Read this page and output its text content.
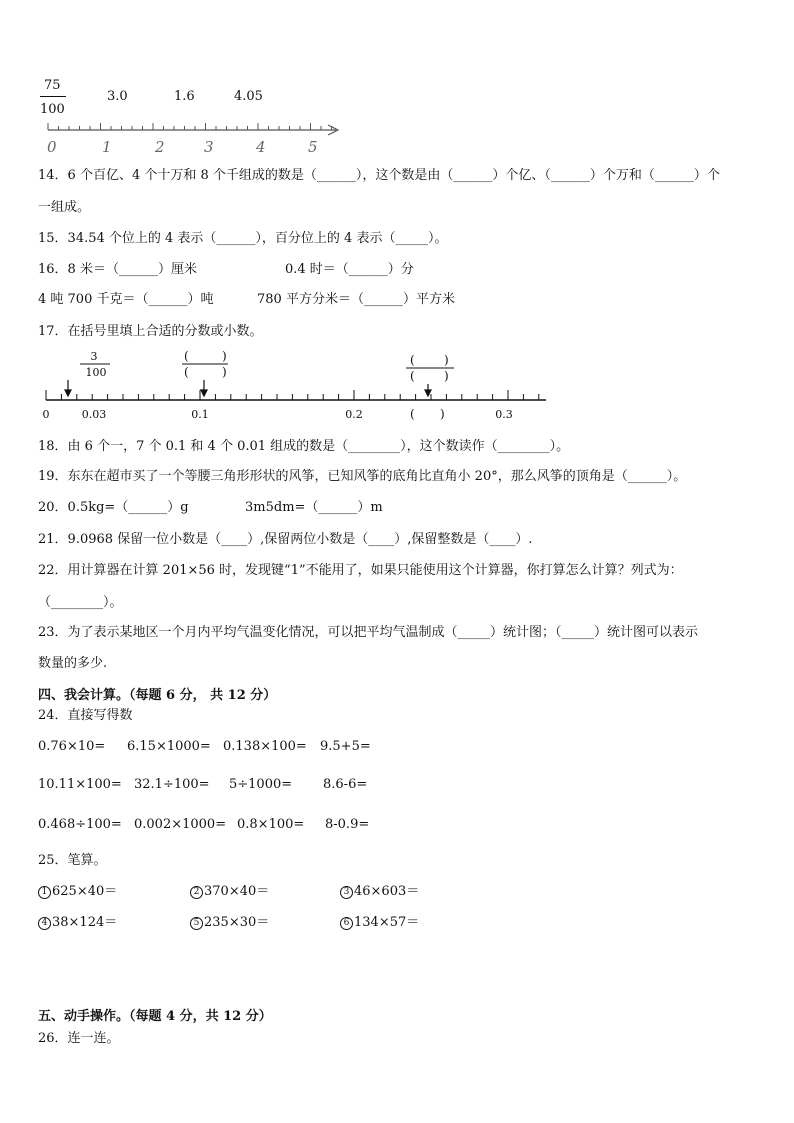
75
100
3.0	1.6	4.05
0	1	2	3	4	5
14．6 个百亿、4 个十万和 8 个千组成的数是（______），这个数是由（______）个亿、（______）个万和（______）个
一组成。
15．34.54 个位上的 4 表示（______），百分位上的 4 表示（_____）。
16．8 米＝（______）厘米	0.4 时＝（______）分
4 吨 700 千克＝（______）吨	780 平方分米＝（______）平方米
17．在括号里填上合适的分数或小数。
3
100
(	)
(	)
( )
( )
0	0.03	0.1	0.2	( )	0.3
18．由 6 个一，7 个 0.1 和 4 个 0.01 组成的数是（________），这个数读作（________）。
19．东东在超市买了一个等腰三角形形状的风筝，已知风筝的底角比直角小 20°，那么风筝的顶角是（______）。
20．0.5kg=（______）g	3m5dm=（______）m
21．9.0968 保留一位小数是（____）,保留两位小数是（____）,保留整数是（____）.
22．用计算器在计算 201×56 时，发现键“1”不能用了，如果只能使用这个计算器，你打算怎么计算？列式为：
（________）。
23．为了表示某地区一个月内平均气温变化情况，可以把平均气温制成（_____）统计图；（_____）统计图可以表示
数量的多少.
四、我会计算。（每题 6 分， 共 12 分）
24．直接写得数
0.76×10= 6.15×1000= 0.138×100= 9.5+5=
10.11×100= 32.1÷100= 5÷1000= 8.6-6=
0.468÷100= 0.002×1000= 0.8×100= 8-0.9=
25．笔算。
1 625×40＝	2 370×40＝	3 46×603＝
4 38×124＝	5 235×30＝	6 134×57＝
五、动手操作。（每题 4 分，共 12 分）
26．连一连。
